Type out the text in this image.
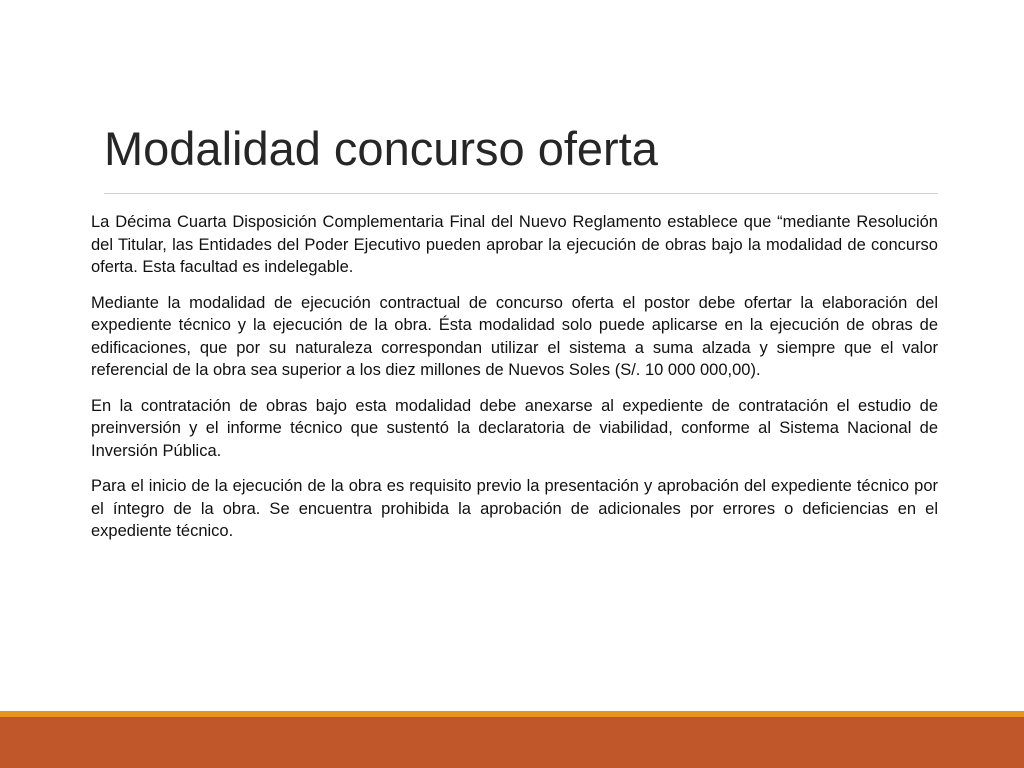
Modalidad concurso oferta

La Décima Cuarta Disposición Complementaria Final del Nuevo Reglamento establece que “mediante Resolución del Titular, las Entidades del Poder Ejecutivo pueden aprobar la ejecución de obras bajo la modalidad de concurso oferta. Esta facultad es indelegable.

Mediante la modalidad de ejecución contractual de concurso oferta el postor debe ofertar la elaboración del expediente técnico y la ejecución de la obra. Ésta modalidad solo puede aplicarse en la ejecución de obras de edificaciones, que por su naturaleza correspondan utilizar el sistema a suma alzada y siempre que el valor referencial de la obra sea superior a los diez millones de Nuevos Soles (S/. 10 000 000,00).

En la contratación de obras bajo esta modalidad debe anexarse al expediente de contratación el estudio de preinversión y el informe técnico que sustentó la declaratoria de viabilidad, conforme al Sistema Nacional de Inversión Pública.

Para el inicio de la ejecución de la obra es requisito previo la presentación y aprobación del expediente técnico por el íntegro de la obra. Se encuentra prohibida la aprobación de adicionales por errores o deficiencias en el expediente técnico.
